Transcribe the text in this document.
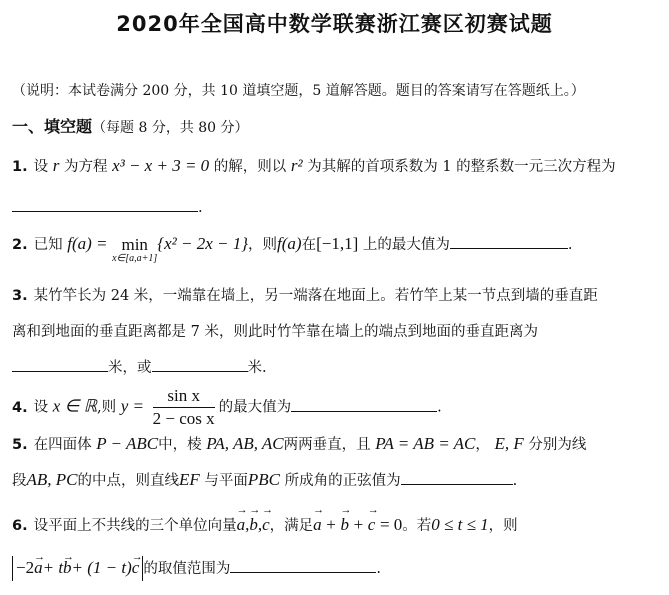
2020年全国高中数学联赛浙江赛区初赛试题
（说明：本试卷满分 200 分，共 10 道填空题，5 道解答题。题目的答案请写在答题纸上。）
一、填空题（每题 8 分，共 80 分）
1. 设 r 为方程 x³ − x + 3 = 0 的解，则以 r² 为其解的首项系数为 1 的整系数一元三次方程为
.
2. 已知 f(a) = min
x∈[a,a+1]
{x² − 2x − 1}，则f(a)在[−1,1] 上的最大值为	.
3. 某竹竿长为 24 米，一端靠在墙上，另一端落在地面上。若竹竿上某一节点到墙的垂直距
离和到地面的垂直距离都是 7 米，则此时竹竿靠在墙上的端点到地面的垂直距离为
米，或	米.
4. 设 x ∈ ℝ,则 $y = \frac{\text{sin x}}{\text{2 − cos x}}$ 的最大值为	.
5. 在四面体 P − ABC中，棱 PA, AB, AC两两垂直，且 PA = AB = AC， E, F 分别为线
段AB, PC的中点，则直线EF 与平面PBC 所成角的正弦值为	.
6. 设平面上不共线的三个单位向量a →,b →,c →，满足a → + b → + c → = 0。若0 ≤ t ≤ 1，则
−2a →+ tb →+ (1 − t)c → 的取值范围为	.
